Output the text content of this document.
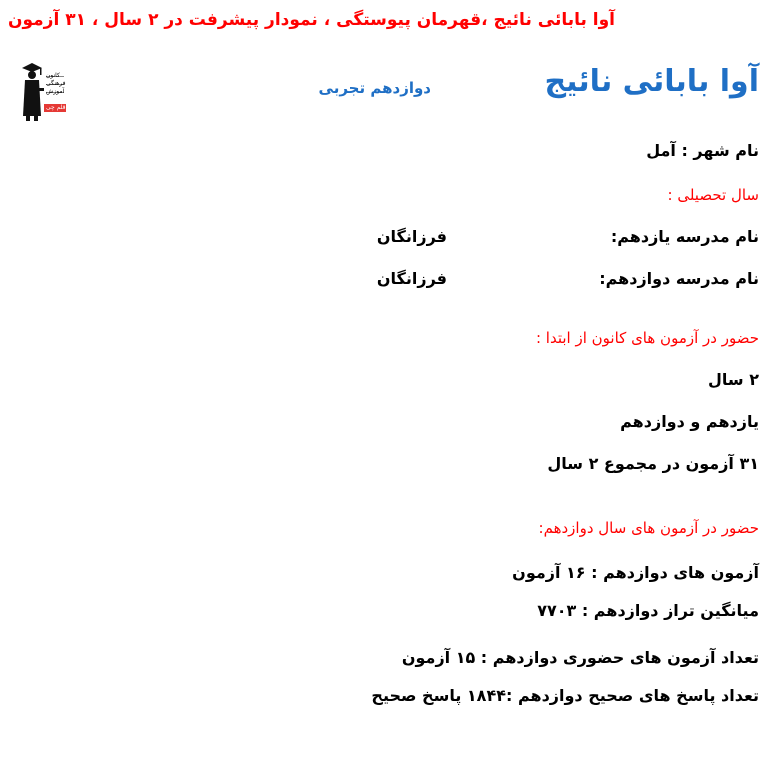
آوا بابائی نائیج ،قهرمان پیوستگی ، نمودار پیشرفت در ۲ سال ، ۳۱ آزمون
کانون
فرهنگی
آموزش
قلم چی
آوا بابائی نائیج
دوازدهم تجربی
نام شهر : آمل
سال تحصیلی :
نام مدرسه یازدهم:
فرزانگان
نام مدرسه دوازدهم:
فرزانگان
حضور در آزمون های کانون از ابتدا :
۲ سال
یازدهم و دوازدهم
۳۱ آزمون در مجموع ۲ سال
حضور در آزمون های سال دوازدهم:
آزمون های دوازدهم : ۱۶ آزمون
میانگین تراز دوازدهم : ۷۷۰۳
تعداد آزمون های حضوری دوازدهم : ۱۵ آزمون
تعداد پاسخ های صحیح دوازدهم :۱۸۴۴ پاسخ صحیح
